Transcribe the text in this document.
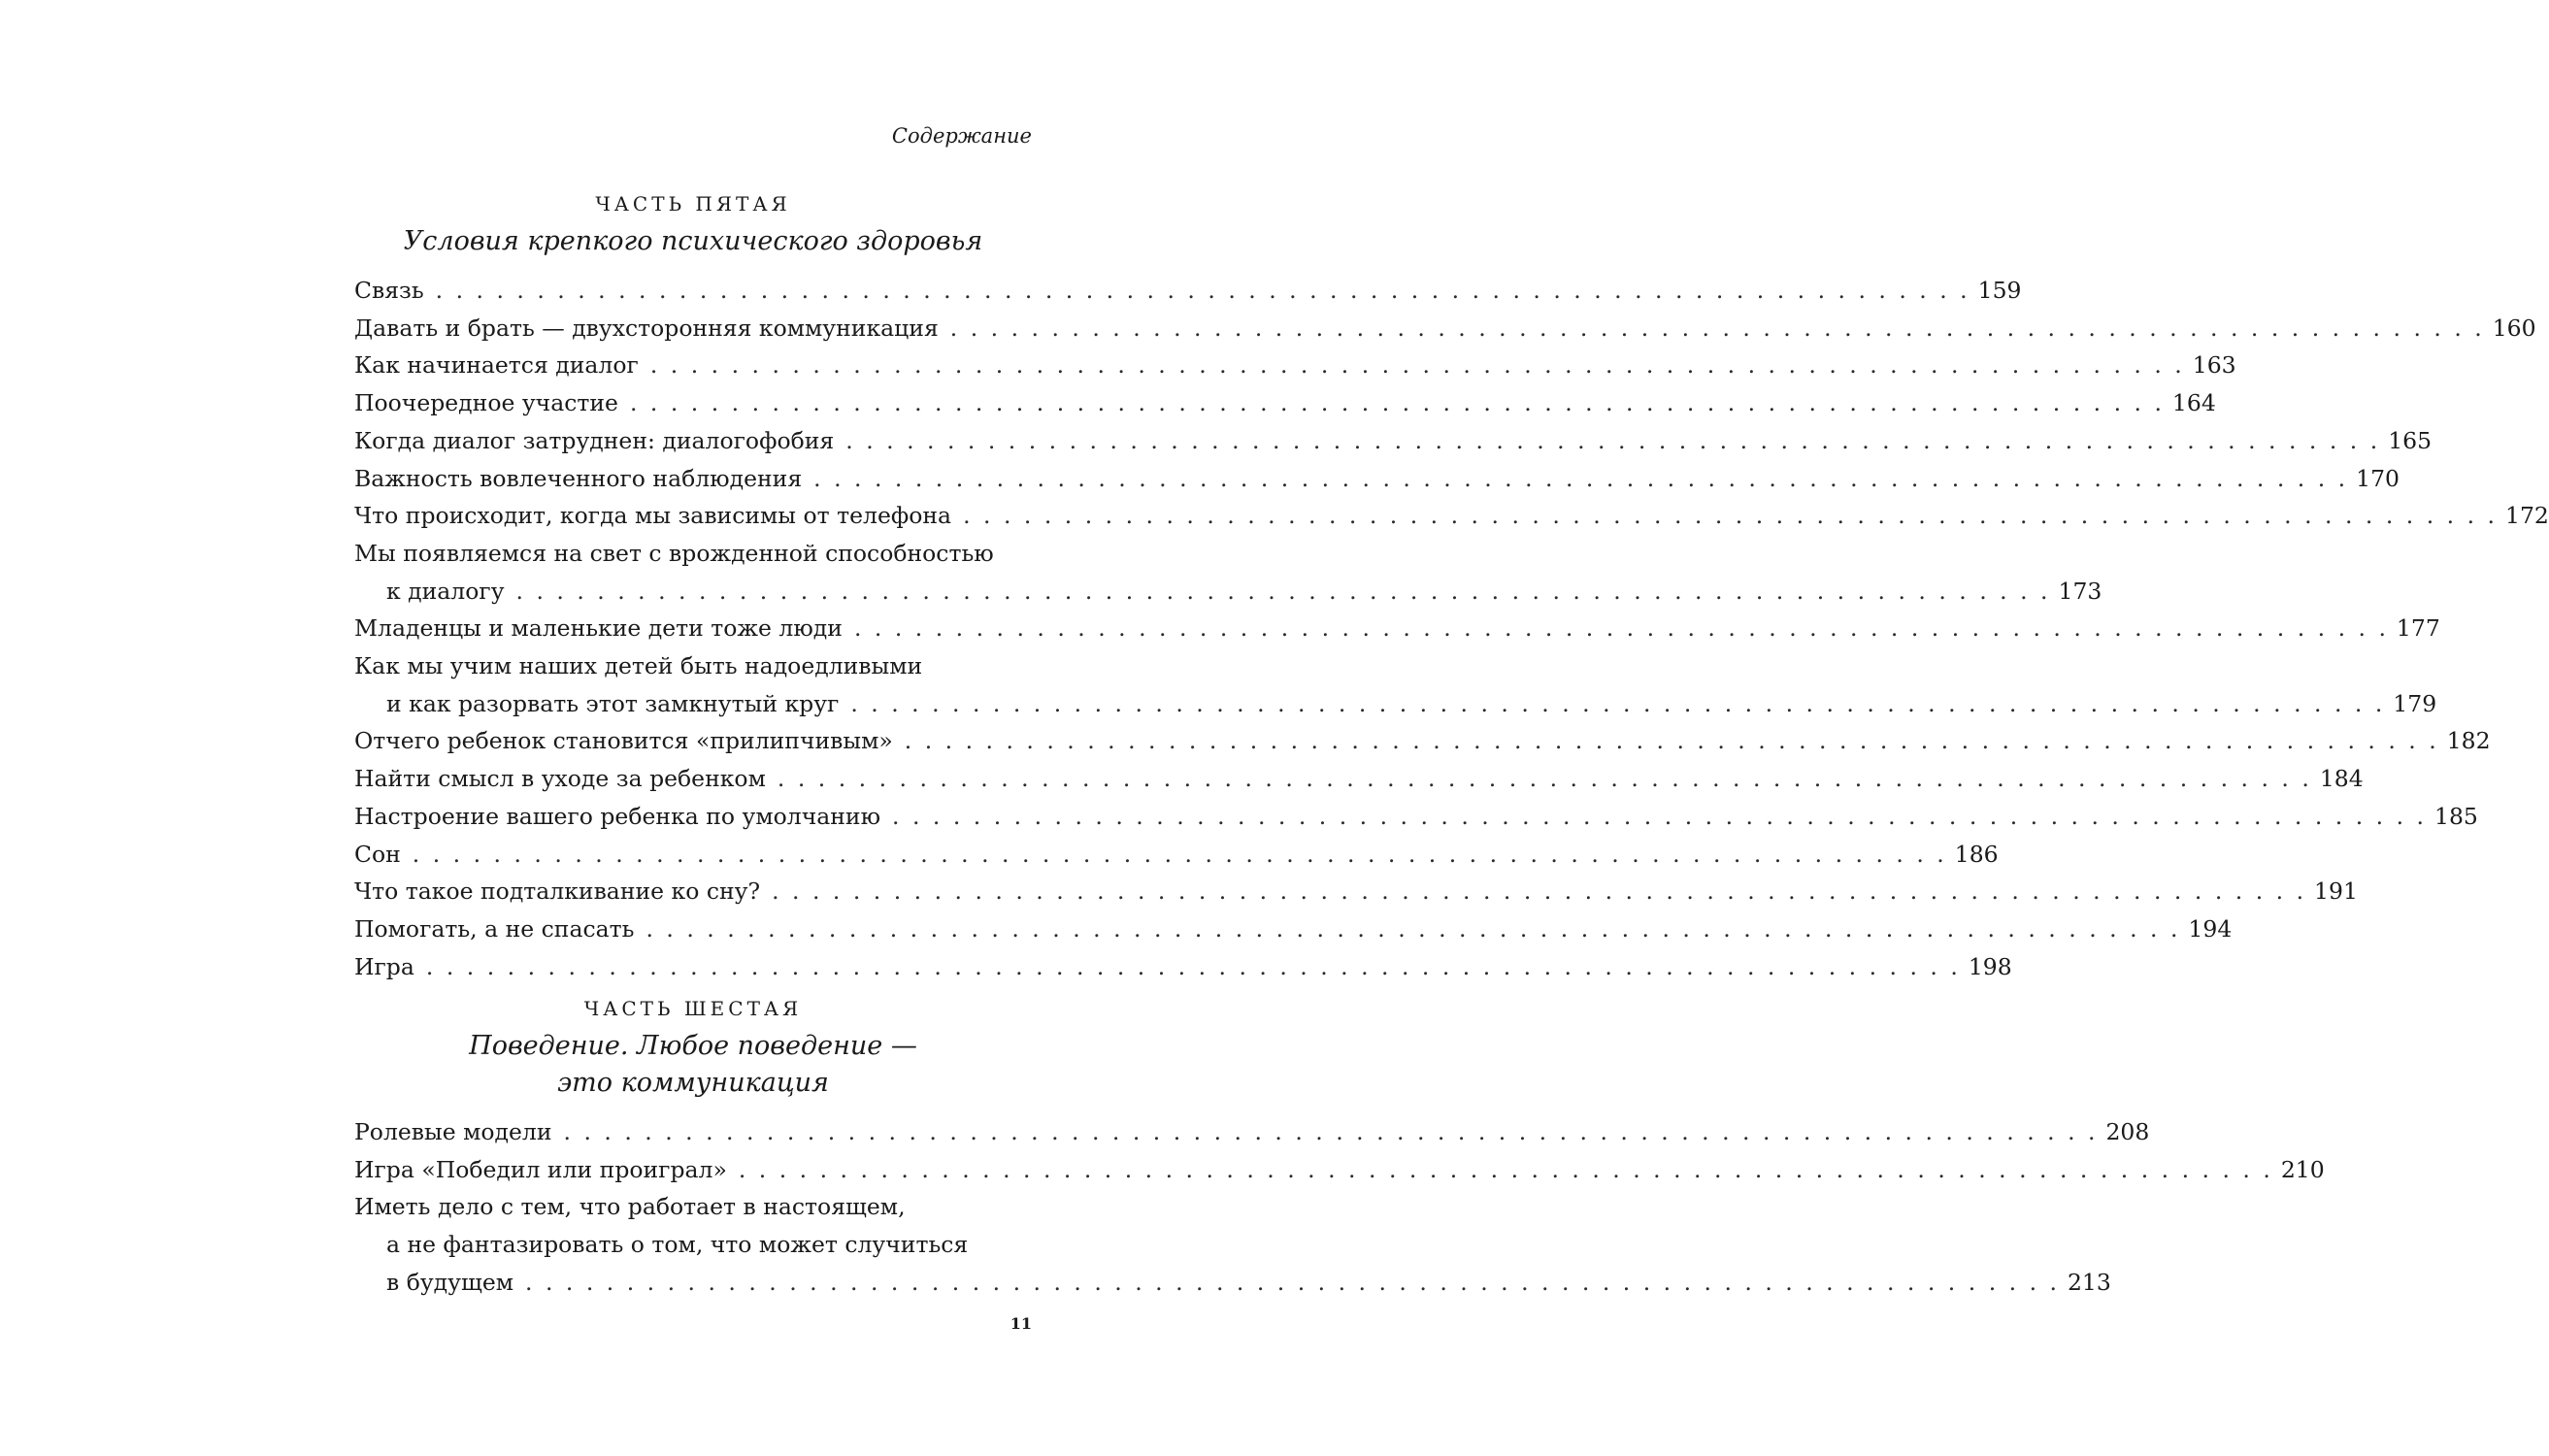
Содержание
ЧАСТЬ ПЯТАЯ
Условия крепкого психического здоровья
Связь . . .	159
Давать и брать — двухсторонняя коммуникация . . .	160
Как начинается диалог . . .	163
Поочередное участие . . .	164
Когда диалог затруднен: диалогофобия . . .	165
Важность вовлеченного наблюдения . . .	170
Что происходит, когда мы зависимы от телефона . . .	172
Мы появляемся на свет с врожденной способностью
к диалогу . . .	173
Младенцы и маленькие дети тоже люди . . .	177
Как мы учим наших детей быть надоедливыми
и как разорвать этот замкнутый круг . . .	179
Отчего ребенок становится «прилипчивым» . . .	182
Найти смысл в уходе за ребенком . . .	184
Настроение вашего ребенка по умолчанию . . .	185
Сон . . .	186
Что такое подталкивание ко сну? . . .	191
Помогать, а не спасать . . .	194
Игра . . .	198
ЧАСТЬ ШЕСТАЯ
Поведение. Любое поведение —
это коммуникация
Ролевые модели . . .	208
Игра «Победил или проиграл» . . .	210
Иметь дело с тем, что работает в настоящем,
а не фантазировать о том, что может случиться
в будущем . . .	213
11
